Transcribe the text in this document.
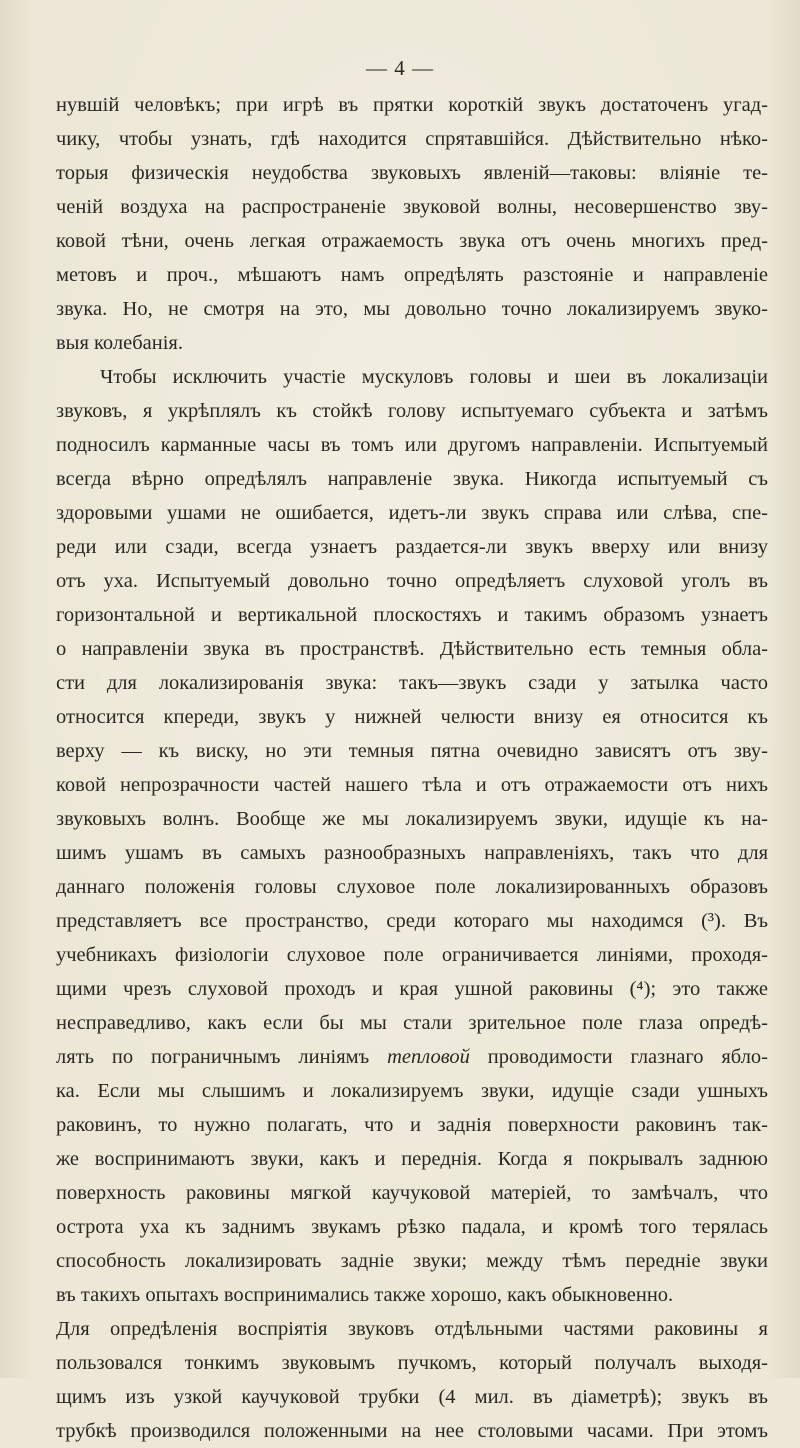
— 4 —
нувшій человѣкъ; при игрѣ въ прятки короткій звукъ достаточенъ угад-
чику, чтобы узнать, гдѣ находится спрятавшійся. Дѣйствительно нѣко-
торыя физическія неудобства звуковыхъ явленій—таковы: вліяніе те-
ченій воздуха на распространеніе звуковой волны, несовершенство зву-
ковой тѣни, очень легкая отражаемость звука отъ очень многихъ пред-
метовъ и проч., мѣшаютъ намъ опредѣлять разстояніе и направленіе
звука. Но, не смотря на это, мы довольно точно локализируемъ звуко-
выя колебанія.
Чтобы исключить участіе мускуловъ головы и шеи въ локализаціи
звуковъ, я укрѣплялъ къ стойкѣ голову испытуемаго субъекта и затѣмъ
подносилъ карманные часы въ томъ или другомъ направленіи. Испытуемый
всегда вѣрно опредѣлялъ направленіе звука. Никогда испытуемый съ
здоровыми ушами не ошибается, идетъ-ли звукъ справа или слѣва, спе-
реди или сзади, всегда узнаетъ раздается-ли звукъ вверху или внизу
отъ уха. Испытуемый довольно точно опредѣляетъ слуховой уголъ въ
горизонтальной и вертикальной плоскостяхъ и такимъ образомъ узнаетъ
о направленіи звука въ пространствѣ. Дѣйствительно есть темныя обла-
сти для локализированія звука: такъ—звукъ сзади у затылка часто
относится кпереди, звукъ у нижней челюсти внизу ея относится къ
верху — къ виску, но эти темныя пятна очевидно зависятъ отъ зву-
ковой непрозрачности частей нашего тѣла и отъ отражаемости отъ нихъ
звуковыхъ волнъ. Вообще же мы локализируемъ звуки, идущіе къ на-
шимъ ушамъ въ самыхъ разнообразныхъ направленіяхъ, такъ что для
даннаго положенія головы слуховое поле локализированныхъ образовъ
представляетъ все пространство, среди котораго мы находимся (³). Въ
учебникахъ физіологіи слуховое поле ограничивается линіями, проходя-
щими чрезъ слуховой проходъ и края ушной раковины (⁴); это также
несправедливо, какъ если бы мы стали зрительное поле глаза опредѣ-
лять по пограничнымъ линіямъ тепловой проводимости глазнаго ябло-
ка. Если мы слышимъ и локализируемъ звуки, идущіе сзади ушныхъ
раковинъ, то нужно полагать, что и заднія поверхности раковинъ так-
же воспринимаютъ звуки, какъ и переднія. Когда я покрывалъ заднюю
поверхность раковины мягкой каучуковой матеріей, то замѣчалъ, что
острота уха къ заднимъ звукамъ рѣзко падала, и кромѣ того терялась
способность локализировать задніе звуки; между тѣмъ передніе звуки
въ такихъ опытахъ воспринимались также хорошо, какъ обыкновенно.
Для опредѣленія воспріятія звуковъ отдѣльными частями раковины я
пользовался тонкимъ звуковымъ пучкомъ, который получалъ выходя-
щимъ изъ узкой каучуковой трубки (4 мил. въ діаметрѣ); звукъ въ
трубкѣ производился положенными на нее столовыми часами. При этомъ
